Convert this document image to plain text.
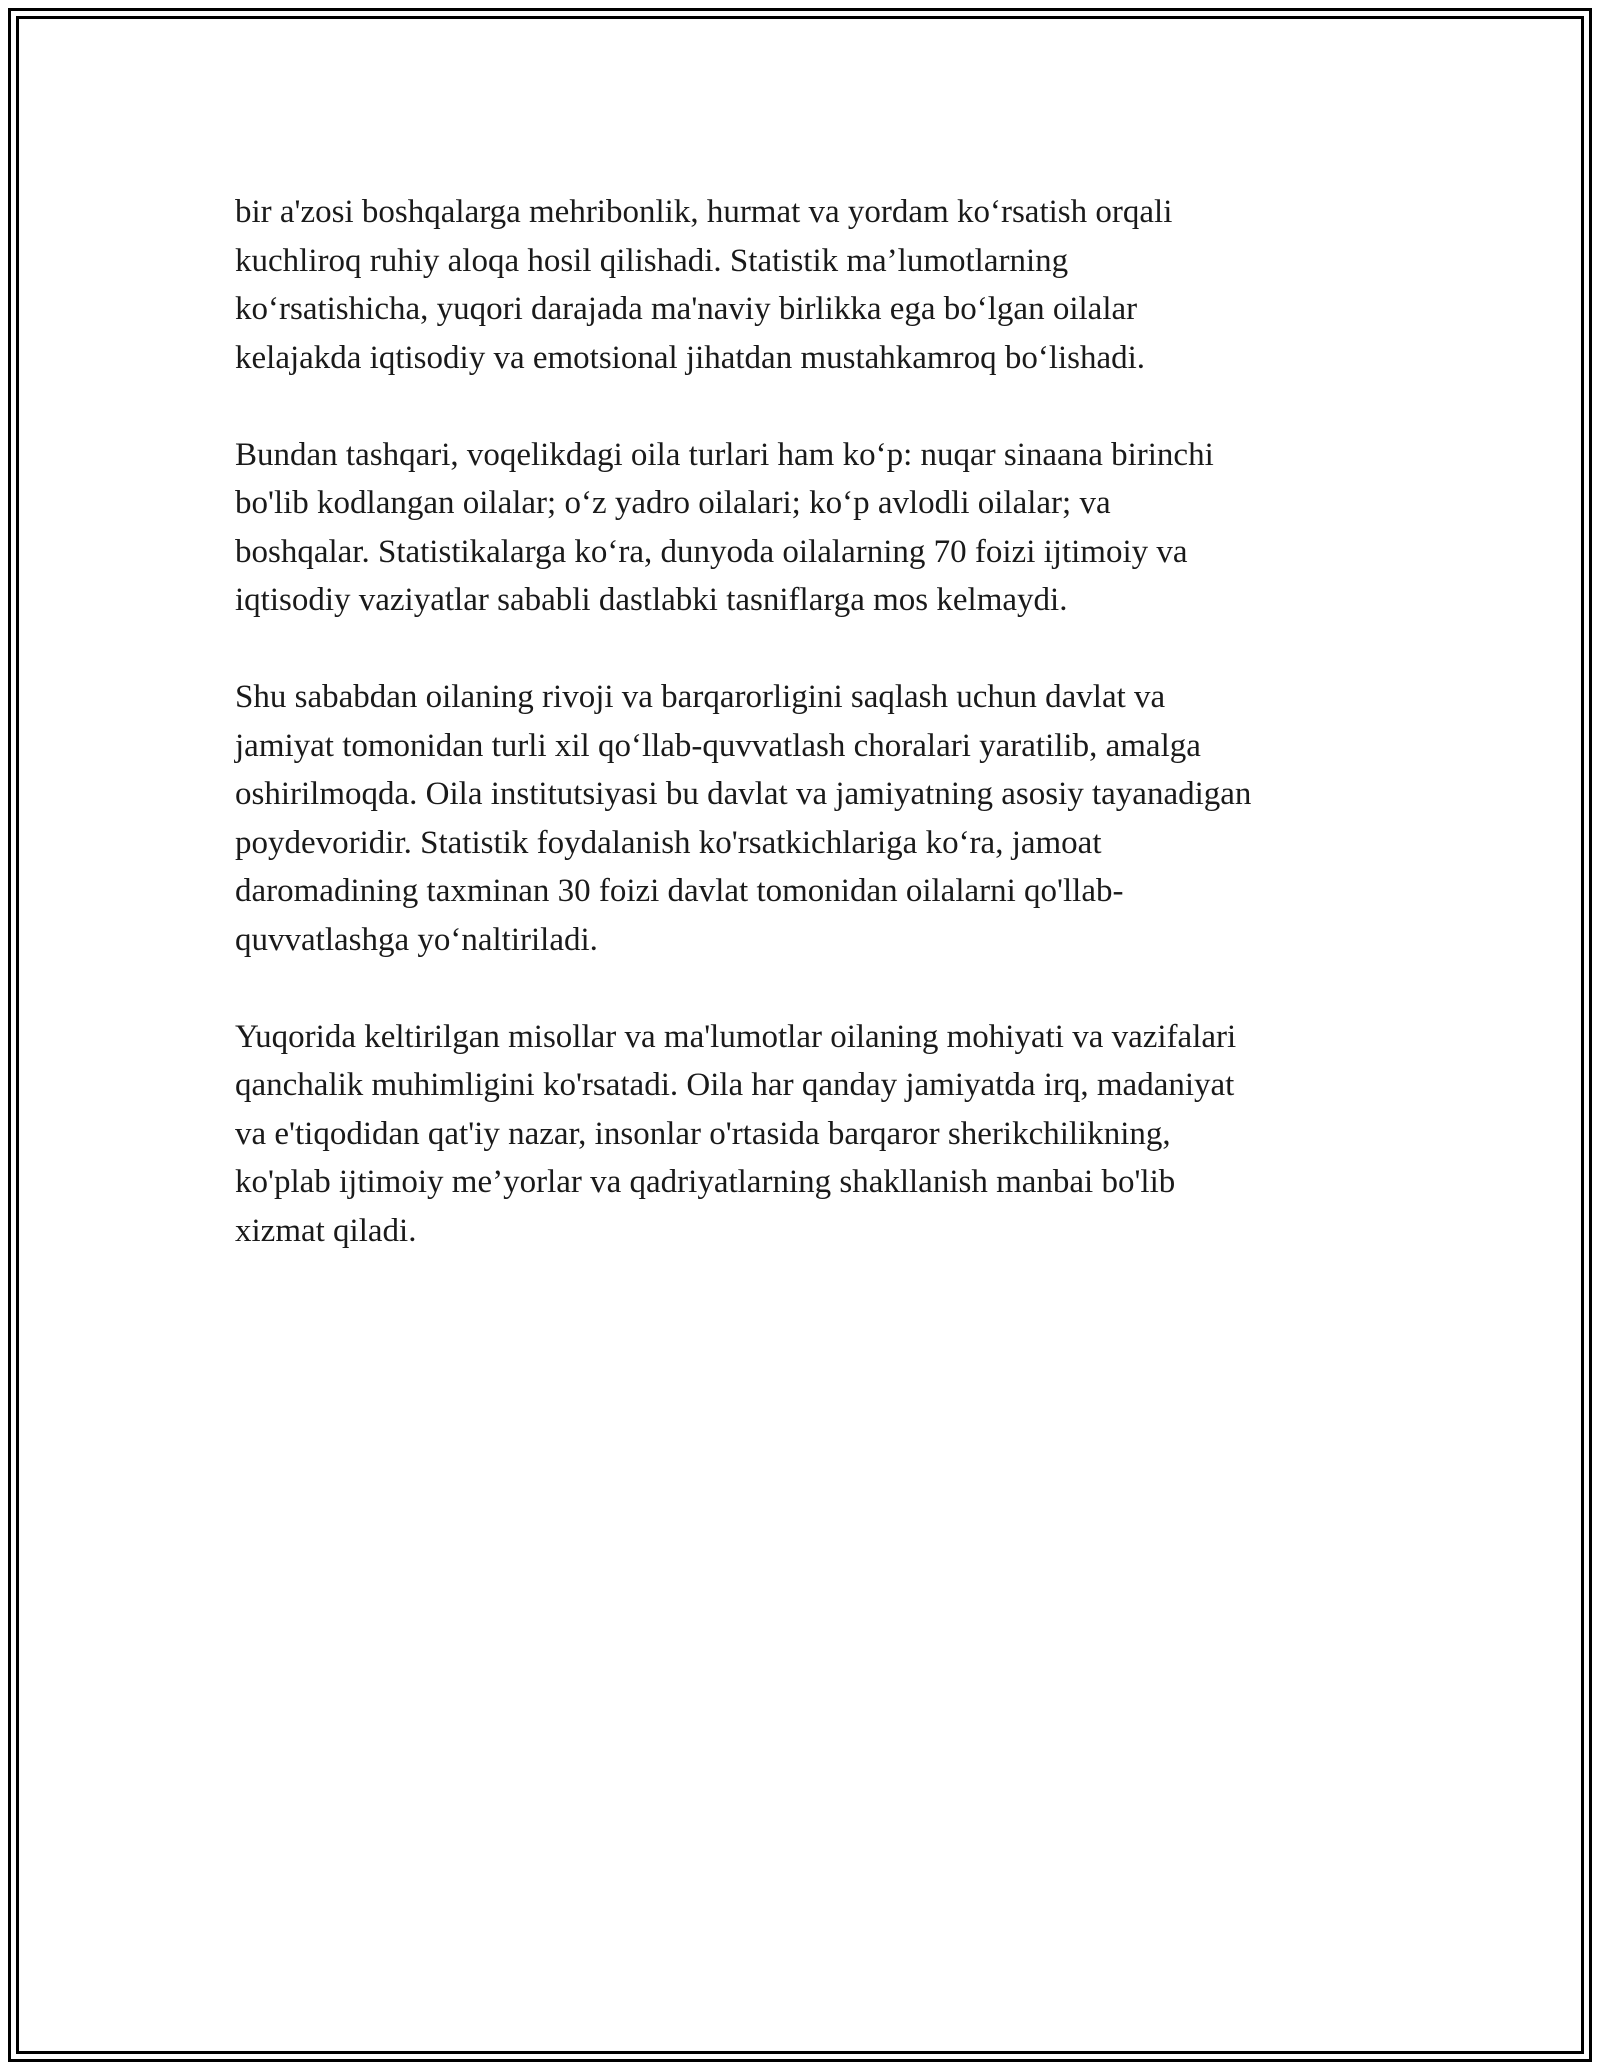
bir a'zosi boshqalarga mehribonlik, hurmat va yordam ko‘rsatish orqali
kuchliroq ruhiy aloqa hosil qilishadi. Statistik ma’lumotlarning
ko‘rsatishicha, yuqori darajada ma'naviy birlikka ega bo‘lgan oilalar
kelajakda iqtisodiy va emotsional jihatdan mustahkamroq bo‘lishadi.

Bundan tashqari, voqelikdagi oila turlari ham ko‘p: nuqar sinaana birinchi
bo'lib kodlangan oilalar; o‘z yadro oilalari; ko‘p avlodli oilalar; va
boshqalar. Statistikalarga ko‘ra, dunyoda oilalarning 70 foizi ijtimoiy va
iqtisodiy vaziyatlar sababli dastlabki tasniflarga mos kelmaydi.

Shu sababdan oilaning rivoji va barqarorligini saqlash uchun davlat va
jamiyat tomonidan turli xil qo‘llab-quvvatlash choralari yaratilib, amalga
oshirilmoqda. Oila institutsiyasi bu davlat va jamiyatning asosiy tayanadigan
poydevoridir. Statistik foydalanish ko'rsatkichlariga ko‘ra, jamoat
daromadining taxminan 30 foizi davlat tomonidan oilalarni qo'llab-
quvvatlashga yo‘naltiriladi.

Yuqorida keltirilgan misollar va ma'lumotlar oilaning mohiyati va vazifalari
qanchalik muhimligini ko'rsatadi. Oila har qanday jamiyatda irq, madaniyat
va e'tiqodidan qat'iy nazar, insonlar o'rtasida barqaror sherikchilikning,
ko'plab ijtimoiy me’yorlar va qadriyatlarning shakllanish manbai bo'lib
xizmat qiladi.
